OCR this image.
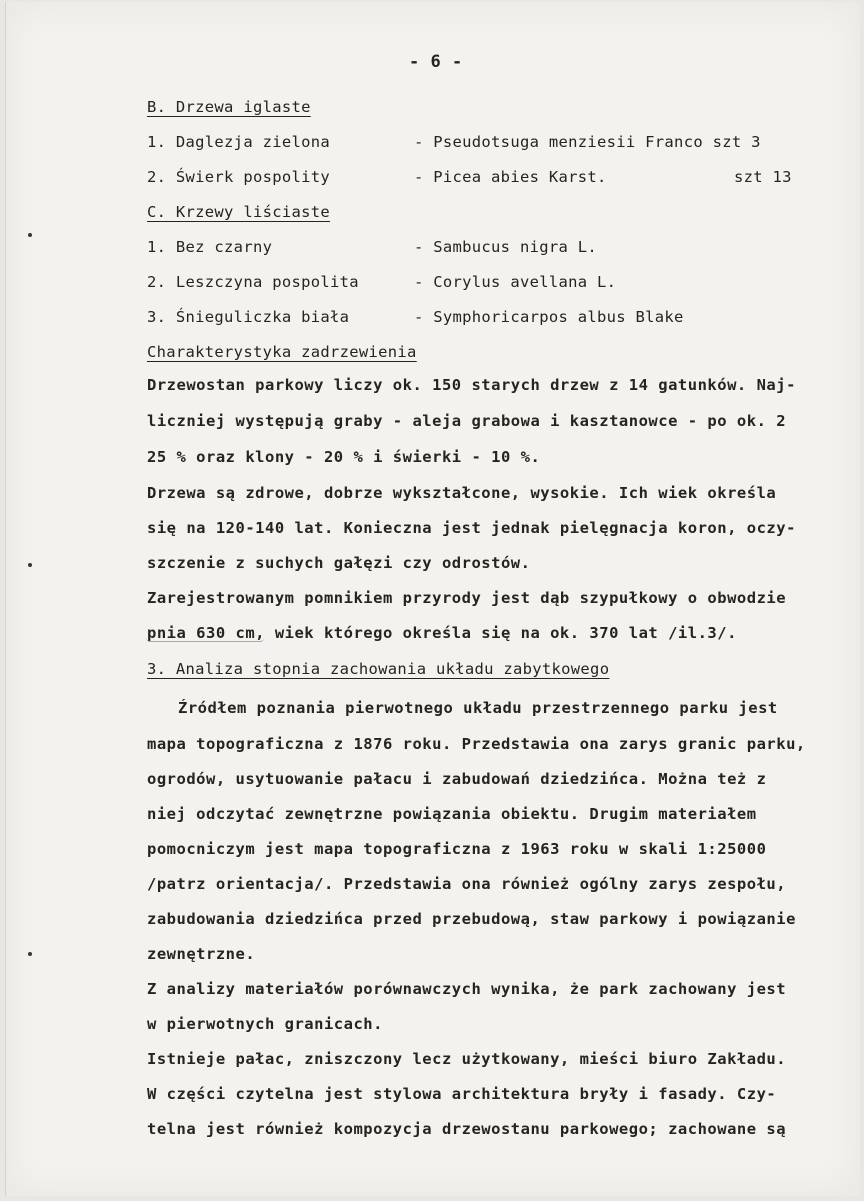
- 6 -
B. Drzewa iglaste
1. Daglezja zielona	- Pseudotsuga menziesii Franco szt 3
2. Świerk pospolity	- Picea abies Karst.	szt 13
C. Krzewy liściaste
1. Bez czarny	- Sambucus nigra L.
2. Leszczyna pospolita	- Corylus avellana L.
3. Śnieguliczka biała	- Symphoricarpos albus Blake
Charakterystyka zadrzewienia
Drzewostan parkowy liczy ok. 150 starych drzew z 14 gatunków. Naj-
liczniej występują graby - aleja grabowa i kasztanowce - po ok. 2
25 % oraz klony - 20 % i świerki - 10 %.
Drzewa są zdrowe, dobrze wykształcone, wysokie. Ich wiek określa
się na 120-140 lat. Konieczna jest jednak pielęgnacja koron, oczy-
szczenie z suchych gałęzi czy odrostów.
Zarejestrowanym pomnikiem przyrody jest dąb szypułkowy o obwodzie
pnia 630 cm, wiek którego określa się na ok. 370 lat /il.3/.
3. Analiza stopnia zachowania układu zabytkowego
Źródłem poznania pierwotnego układu przestrzennego parku jest
mapa topograficzna z 1876 roku. Przedstawia ona zarys granic parku,
ogrodów, usytuowanie pałacu i zabudowań dziedzińca. Można też z
niej odczytać zewnętrzne powiązania obiektu. Drugim materiałem
pomocniczym jest mapa topograficzna z 1963 roku w skali 1:25000
/patrz orientacja/. Przedstawia ona również ogólny zarys zespołu,
zabudowania dziedzińca przed przebudową, staw parkowy i powiązanie
zewnętrzne.
Z analizy materiałów porównawczych wynika, że park zachowany jest
w pierwotnych granicach.
Istnieje pałac, zniszczony lecz użytkowany, mieści biuro Zakładu.
W części czytelna jest stylowa architektura bryły i fasady. Czy-
telna jest również kompozycja drzewostanu parkowego; zachowane są
